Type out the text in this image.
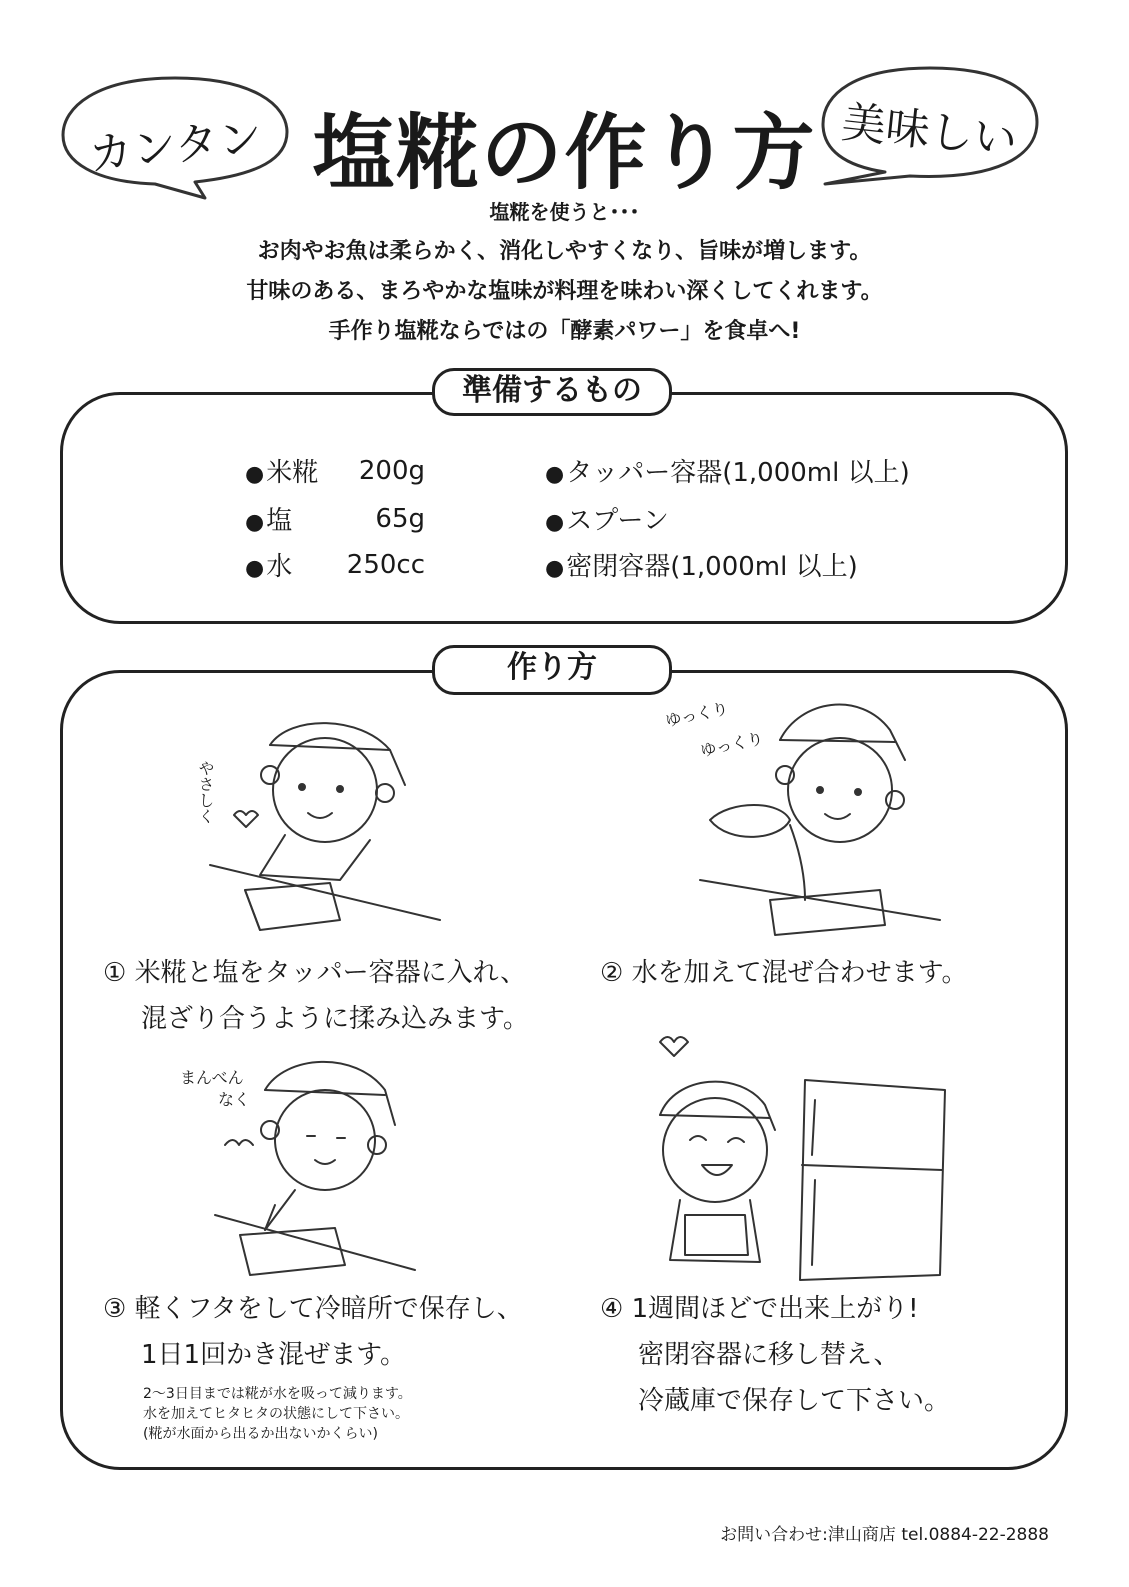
カンタン	美味しい
塩糀の作り方
塩糀を使うと･･･
お肉やお魚は柔らかく、消化しやすくなり、旨味が増します。
甘味のある、まろやかな塩味が料理を味わい深くしてくれます。
手作り塩糀ならではの「酵素パワー」を食卓へ!
準備するもの
●米糀	200g
●塩	65g
●水	250cc
●タッパー容器(1,000ml 以上)
●スプーン
●密閉容器(1,000ml 以上)
作り方
やさしく
ゆっくり
ゆっくり
① 米糀と塩をタッパー容器に入れ、
混ざり合うように揉み込みます。
② 水を加えて混ぜ合わせます。
まんべん
なく
③ 軽くフタをして冷暗所で保存し、
1日1回かき混ぜます。
2〜3日目までは糀が水を吸って減ります。
水を加えてヒタヒタの状態にして下さい。
(糀が水面から出るか出ないかくらい)
④ 1週間ほどで出来上がり!
密閉容器に移し替え、
冷蔵庫で保存して下さい。
お問い合わせ:津山商店 tel.0884-22-2888
